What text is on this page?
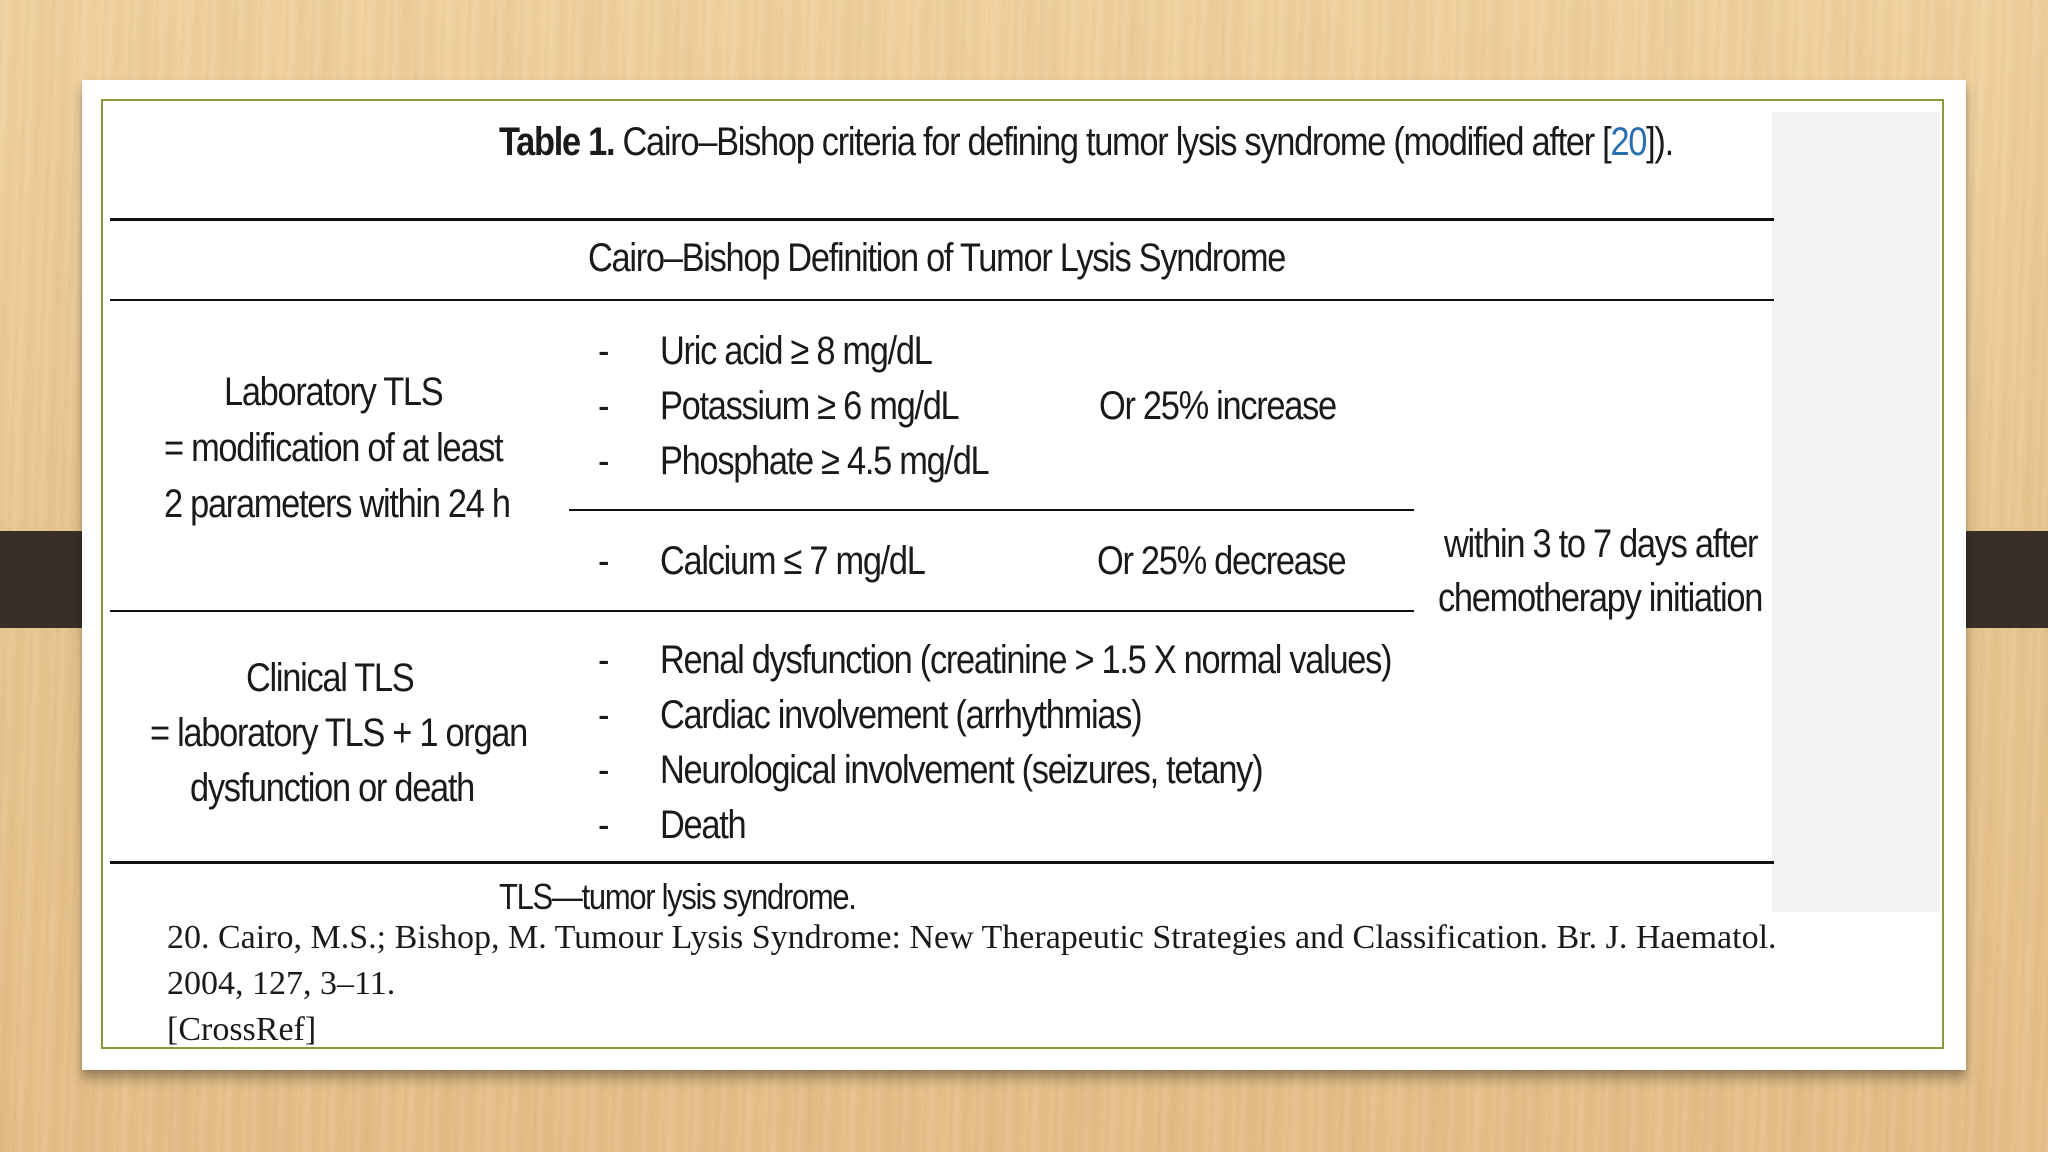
Table 1. Cairo–Bishop criteria for defining tumor lysis syndrome (modified after [20]).
Cairo–Bishop Definition of Tumor Lysis Syndrome
Laboratory TLS
= modification of at least
2 parameters within 24 h
- Uric acid ≥ 8 mg/dL
- Potassium ≥ 6 mg/dL
- Phosphate ≥ 4.5 mg/dL
- Calcium ≤ 7 mg/dL
Or 25% increase
Or 25% decrease within 3 to 7 days after
chemotherapy initiation
Clinical TLS
= laboratory TLS + 1 organ
dysfunction or death
- Renal dysfunction (creatinine > 1.5 X normal values)
- Cardiac involvement (arrhythmias)
- Neurological involvement (seizures, tetany)
- Death
TLS—tumor lysis syndrome.
20. Cairo, M.S.; Bishop, M. Tumour Lysis Syndrome: New Therapeutic Strategies and Classification. Br. J. Haematol.
2004, 127, 3–11.
[CrossRef]
